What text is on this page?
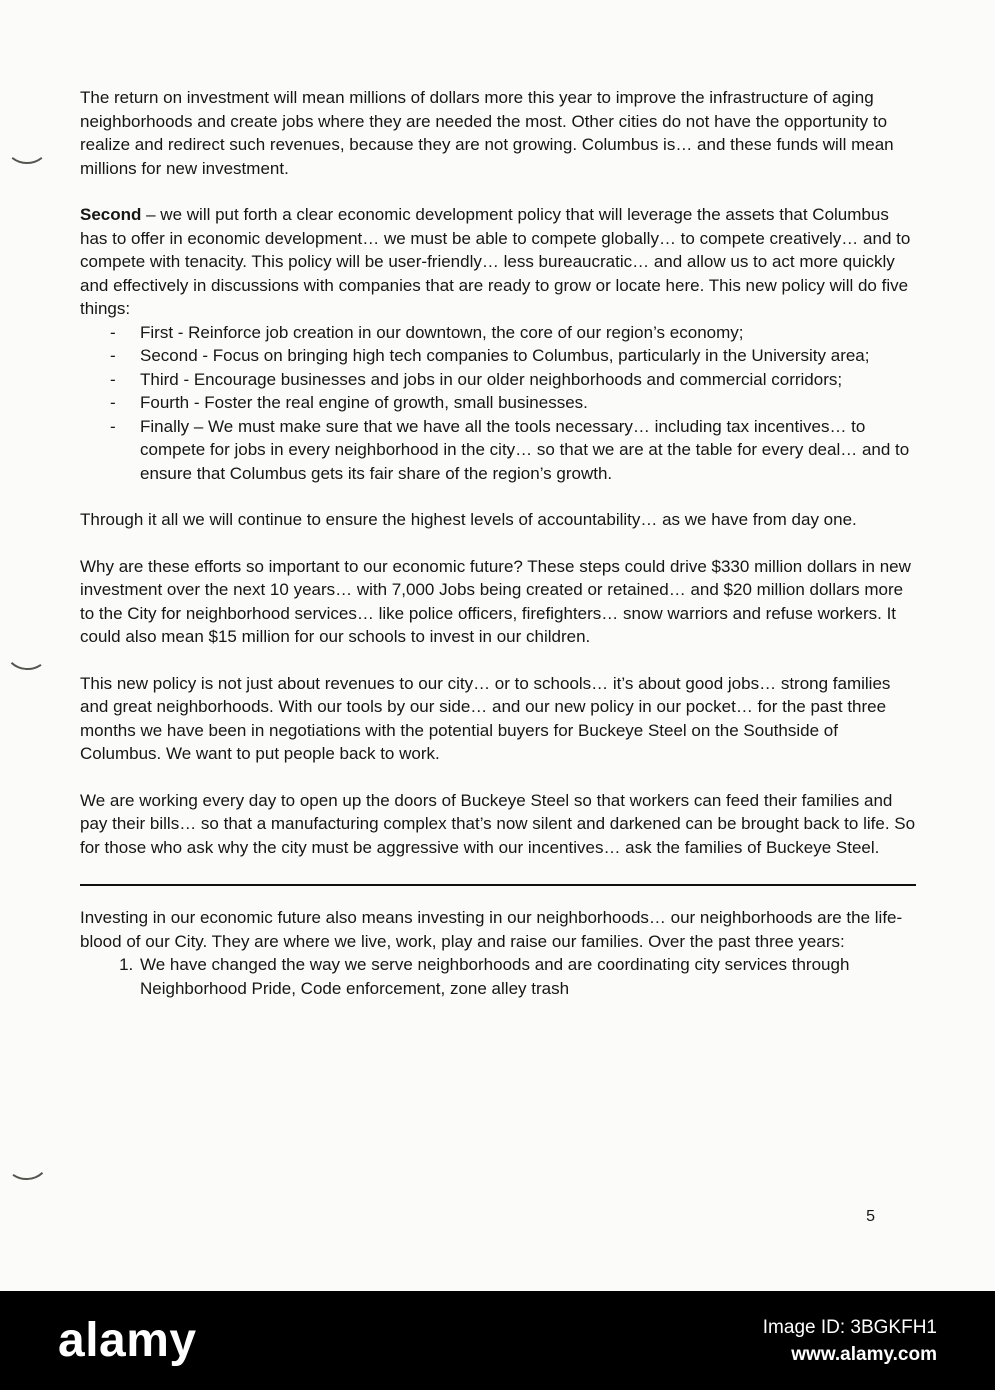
The return on investment will mean millions of dollars more this year to improve the infrastructure of aging neighborhoods and create jobs where they are needed the most. Other cities do not have the opportunity to realize and redirect such revenues, because they are not growing. Columbus is… and these funds will mean millions for new investment.

Second – we will put forth a clear economic development policy that will leverage the assets that Columbus has to offer in economic development… we must be able to compete globally… to compete creatively… and to compete with tenacity. This policy will be user-friendly… less bureaucratic… and allow us to act more quickly and effectively in discussions with companies that are ready to grow or locate here. This new policy will do five things:

- First - Reinforce job creation in our downtown, the core of our region’s economy;
- Second - Focus on bringing high tech companies to Columbus, particularly in the University area;
- Third - Encourage businesses and jobs in our older neighborhoods and commercial corridors;
- Fourth - Foster the real engine of growth, small businesses.
- Finally – We must make sure that we have all the tools necessary… including tax incentives… to compete for jobs in every neighborhood in the city… so that we are at the table for every deal… and to ensure that Columbus gets its fair share of the region’s growth.

Through it all we will continue to ensure the highest levels of accountability… as we have from day one.

Why are these efforts so important to our economic future? These steps could drive $330 million dollars in new investment over the next 10 years… with 7,000 Jobs being created or retained… and $20 million dollars more to the City for neighborhood services… like police officers, firefighters… snow warriors and refuse workers. It could also mean $15 million for our schools to invest in our children.

This new policy is not just about revenues to our city… or to schools… it’s about good jobs… strong families and great neighborhoods. With our tools by our side… and our new policy in our pocket… for the past three months we have been in negotiations with the potential buyers for Buckeye Steel on the Southside of Columbus. We want to put people back to work.

We are working every day to open up the doors of Buckeye Steel so that workers can feed their families and pay their bills… so that a manufacturing complex that’s now silent and darkened can be brought back to life. So for those who ask why the city must be aggressive with our incentives… ask the families of Buckeye Steel.

Investing in our economic future also means investing in our neighborhoods… our neighborhoods are the life-blood of our City. They are where we live, work, play and raise our families. Over the past three years:

1. We have changed the way we serve neighborhoods and are coordinating city services through Neighborhood Pride, Code enforcement, zone alley trash
5
alamy	Image ID: 3BGKFH1
www.alamy.com
